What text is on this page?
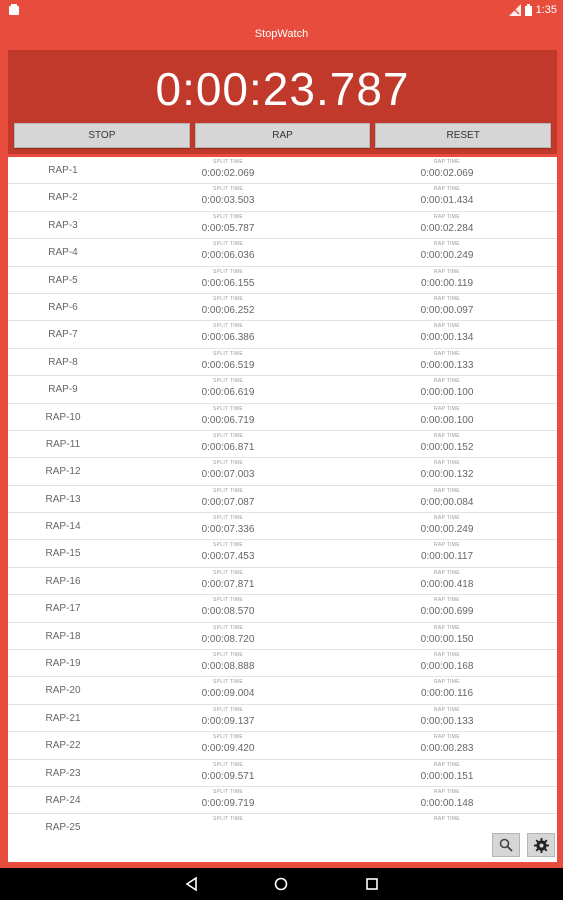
1:35
StopWatch
0:00:23.787
STOP	RAP	RESET
RAP-1
SPLIT TIME
0:00:02.069
RAP TIME
0:00:02.069
RAP-2
SPLIT TIME
0:00:03.503
RAP TIME
0:00:01.434
RAP-3
SPLIT TIME
0:00:05.787
RAP TIME
0:00:02.284
RAP-4
SPLIT TIME
0:00:06.036
RAP TIME
0:00:00.249
RAP-5
SPLIT TIME
0:00:06.155
RAP TIME
0:00:00.119
RAP-6
SPLIT TIME
0:00:06.252
RAP TIME
0:00:00.097
RAP-7
SPLIT TIME
0:00:06.386
RAP TIME
0:00:00.134
RAP-8
SPLIT TIME
0:00:06.519
RAP TIME
0:00:00.133
RAP-9
SPLIT TIME
0:00:06.619
RAP TIME
0:00:00.100
RAP-10
SPLIT TIME
0:00:06.719
RAP TIME
0:00:00.100
RAP-11
SPLIT TIME
0:00:06.871
RAP TIME
0:00:00.152
RAP-12
SPLIT TIME
0:00:07.003
RAP TIME
0:00:00.132
RAP-13
SPLIT TIME
0:00:07.087
RAP TIME
0:00:00.084
RAP-14
SPLIT TIME
0:00:07.336
RAP TIME
0:00:00.249
RAP-15
SPLIT TIME
0:00:07.453
RAP TIME
0:00:00.117
RAP-16
SPLIT TIME
0:00:07.871
RAP TIME
0:00:00.418
RAP-17
SPLIT TIME
0:00:08.570
RAP TIME
0:00:00.699
RAP-18
SPLIT TIME
0:00:08.720
RAP TIME
0:00:00.150
RAP-19
SPLIT TIME
0:00:08.888
RAP TIME
0:00:00.168
RAP-20
SPLIT TIME
0:00:09.004
RAP TIME
0:00:00.116
RAP-21
SPLIT TIME
0:00:09.137
RAP TIME
0:00:00.133
RAP-22
SPLIT TIME
0:00:09.420
RAP TIME
0:00:00.283
RAP-23
SPLIT TIME
0:00:09.571
RAP TIME
0:00:00.151
RAP-24
SPLIT TIME
0:00:09.719
RAP TIME
0:00:00.148
RAP-25
SPLIT TIME	RAP TIME
